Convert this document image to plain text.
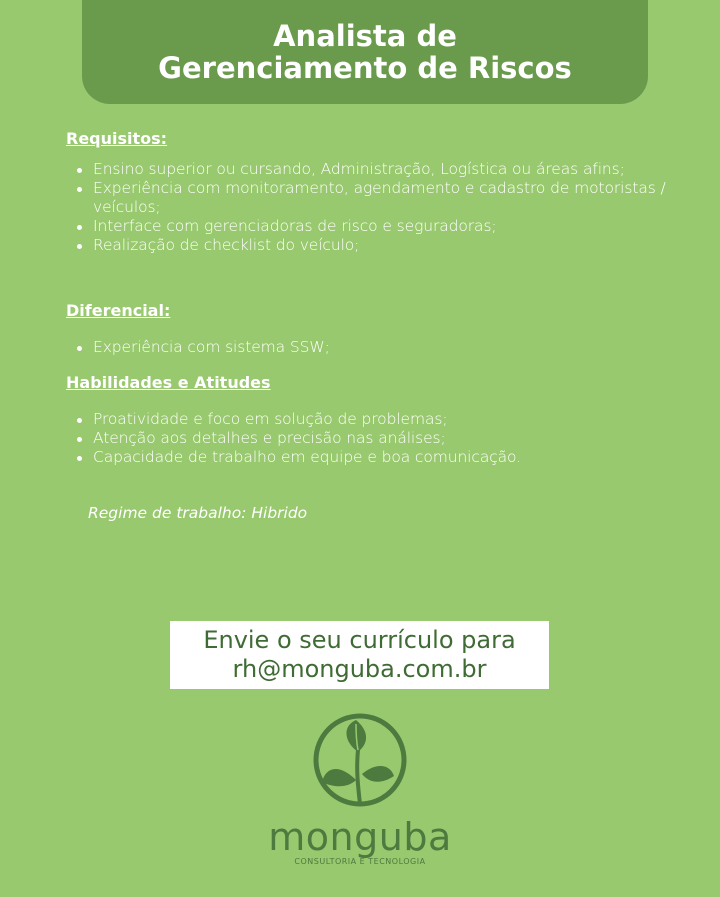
Analista de
Gerenciamento de Riscos

Requisitos:

Ensino superior ou cursando, Administração, Logística ou áreas afins;
Experiência com monitoramento, agendamento e cadastro de motoristas / veículos;
Interface com gerenciadoras de risco e seguradoras;
Realização de checklist do veículo;

Diferencial:

Experiência com sistema SSW;

Habilidades e Atitudes

Proatividade e foco em solução de problemas;
Atenção aos detalhes e precisão nas análises;
Capacidade de trabalho em equipe e boa comunicação.
Regime de trabalho: Hibrido
Envie o seu currículo para
rh@monguba.com.br
monguba
CONSULTORIA E TECNOLOGIA
